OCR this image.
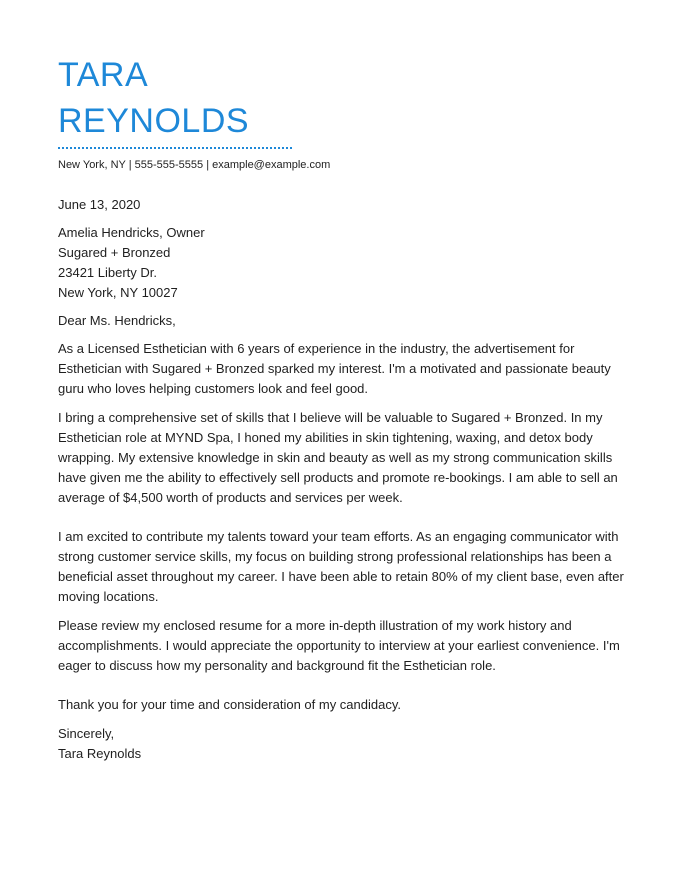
TARA
REYNOLDS
New York, NY | 555-555-5555 | example@example.com

June 13, 2020

Amelia Hendricks, Owner
Sugared + Bronzed
23421 Liberty Dr.
New York, NY 10027

Dear Ms. Hendricks,

As a Licensed Esthetician with 6 years of experience in the industry, the advertisement for Esthetician with Sugared + Bronzed sparked my interest. I'm a motivated and passionate beauty guru who loves helping customers look and feel good.

I bring a comprehensive set of skills that I believe will be valuable to Sugared + Bronzed. In my Esthetician role at MYND Spa, I honed my abilities in skin tightening, waxing, and detox body wrapping. My extensive knowledge in skin and beauty as well as my strong communication skills have given me the ability to effectively sell products and promote re-bookings. I am able to sell an average of $4,500 worth of products and services per week.

I am excited to contribute my talents toward your team efforts. As an engaging communicator with strong customer service skills, my focus on building strong professional relationships has been a beneficial asset throughout my career. I have been able to retain 80% of my client base, even after moving locations.

Please review my enclosed resume for a more in-depth illustration of my work history and accomplishments. I would appreciate the opportunity to interview at your earliest convenience. I'm eager to discuss how my personality and background fit the Esthetician role.

Thank you for your time and consideration of my candidacy.

Sincerely,
Tara Reynolds
